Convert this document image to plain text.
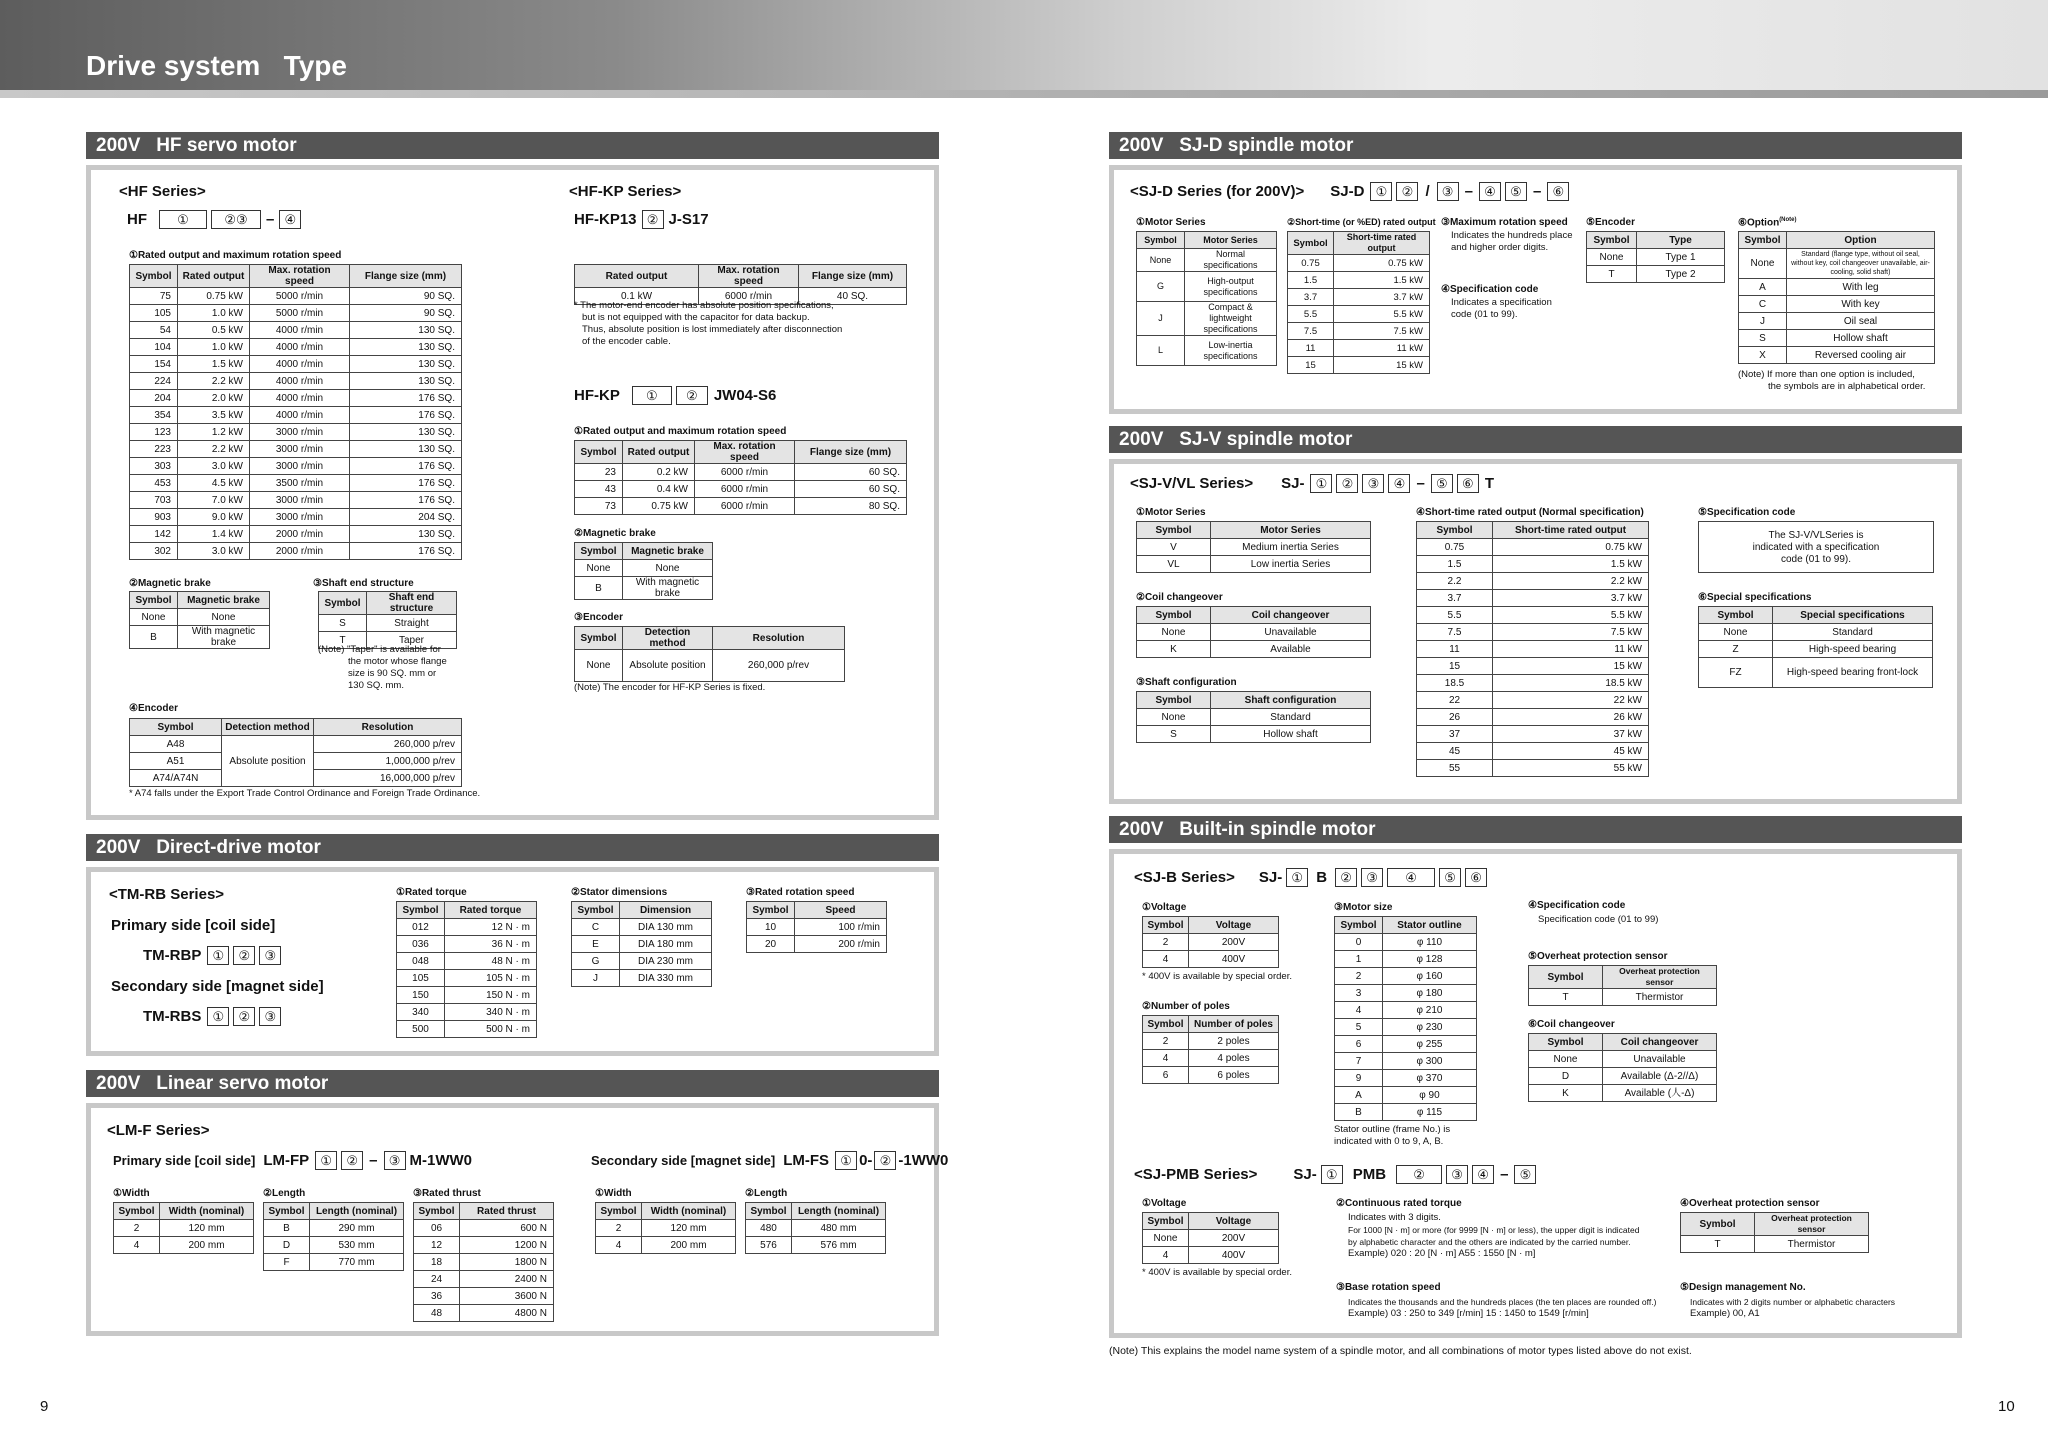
Drive system   Type
9	10
200V   HF servo motor
<HF Series>
HF	①	②③	– ④
①Rated output and maximum rotation speed
Symbol	Rated output	Max. rotation speed	Flange size (mm)
75	0.75 kW	5000 r/min	90 SQ.
105	1.0 kW	5000 r/min	90 SQ.
54	0.5 kW	4000 r/min	130 SQ.
104	1.0 kW	4000 r/min	130 SQ.
154	1.5 kW	4000 r/min	130 SQ.
224	2.2 kW	4000 r/min	130 SQ.
204	2.0 kW	4000 r/min	176 SQ.
354	3.5 kW	4000 r/min	176 SQ.
123	1.2 kW	3000 r/min	130 SQ.
223	2.2 kW	3000 r/min	130 SQ.
303	3.0 kW	3000 r/min	176 SQ.
453	4.5 kW	3500 r/min	176 SQ.
703	7.0 kW	3000 r/min	176 SQ.
903	9.0 kW	3000 r/min	204 SQ.
142	1.4 kW	2000 r/min	130 SQ.
302	3.0 kW	2000 r/min	176 SQ.
②Magnetic brake
Symbol	Magnetic brake
None	None
B	With magnetic brake
③Shaft end structure
Symbol	Shaft end structure
S	Straight
T	Taper
(Note) "Taper" is available for
the motor whose flange
size is 90 SQ. mm or
130 SQ. mm.
④Encoder
Symbol	Detection method	Resolution
A48	Absolute position	260,000 p/rev
A51		1,000,000 p/rev
A74/A74N		16,000,000 p/rev
* A74 falls under the Export Trade Control Ordinance and Foreign Trade Ordinance.
<HF-KP Series>
HF-KP13 ② J-S17
Rated output	Max. rotation speed	Flange size (mm)
0.1 kW	6000 r/min	40 SQ.
* The motor-end encoder has absolute position specifications,
but is not equipped with the capacitor for data backup.
Thus, absolute position is lost immediately after disconnection
of the encoder cable.
HF-KP	①	②	JW04-S6
①Rated output and maximum rotation speed
Symbol	Rated output	Max. rotation speed	Flange size (mm)
23	0.2 kW	6000 r/min	60 SQ.
43	0.4 kW	6000 r/min	60 SQ.
73	0.75 kW	6000 r/min	80 SQ.
②Magnetic brake
Symbol	Magnetic brake
None	None
B	With magnetic brake
③Encoder
Symbol	Detection method	Resolution
None	Absolute position	260,000 p/rev
(Note) The encoder for HF-KP Series is fixed.
200V   Direct-drive motor
<TM-RB Series>
Primary side [coil side]
TM-RBP ①	②	③
Secondary side [magnet side]
TM-RBS ①	②	③
①Rated torque
Symbol	Rated torque
012	12 N · m
036	36 N · m
048	48 N · m
105	105 N · m
150	150 N · m
340	340 N · m
500	500 N · m
②Stator dimensions
Symbol	Dimension
C	DIA 130 mm
E	DIA 180 mm
G	DIA 230 mm
J	DIA 330 mm
③Rated rotation speed
Symbol	Speed
10	100 r/min
20	200 r/min
200V   Linear servo motor
<LM-F Series>
Primary side [coil side] LM-FP ①	② – ③ M-1WW0	Secondary side [magnet side] LM-FS ① 0- ② -1WW0
①Width
Symbol	Width (nominal)
2	120 mm
4	200 mm
②Length
Symbol	Length (nominal)
B	290 mm
D	530 mm
F	770 mm
③Rated thrust
Symbol	Rated thrust
06	600 N
12	1200 N
18	1800 N
24	2400 N
36	3600 N
48	4800 N
①Width
Symbol	Width (nominal)
2	120 mm
4	200 mm
②Length
Symbol	Length (nominal)
480	480 mm
576	576 mm
200V   SJ-D spindle motor
<SJ-D Series (for 200V)> SJ-D ①	② / ③ – ④	⑤ – ⑥
①Motor Series
Symbol	Motor Series
None	Normal specifications
G	High-output specifications
J	Compact & lightweight specifications
L	Low-inertia specifications
②Short-time (or %ED) rated output
Symbol	Short-time rated output
0.75	0.75 kW
1.5	1.5 kW
3.7	3.7 kW
5.5	5.5 kW
7.5	7.5 kW
11	11 kW
15	15 kW
③Maximum rotation speed
Indicates the hundreds place
and higher order digits.
④Specification code
Indicates a specification
code (01 to 99).
⑤Encoder
Symbol	Type
None	Type 1
T	Type 2
⑥Option$^{(Note)}$
Symbol	Option
None	Standard (flange type, without oil seal, without key, coil changeover unavailable, air-cooling, solid shaft)
A	With leg
C	With key
J	Oil seal
S	Hollow shaft
X	Reversed cooling air
(Note) If more than one option is included,
the symbols are in alphabetical order.
200V   SJ-V spindle motor
<SJ-V/VL Series> SJ- ①	②	③	④ – ⑤	⑥ T
①Motor Series
Symbol	Motor Series
V	Medium inertia Series
VL	Low inertia Series
②Coil changeover
Symbol	Coil changeover
None	Unavailable
K	Available
③Shaft configuration
Symbol	Shaft configuration
None	Standard
S	Hollow shaft
④Short-time rated output (Normal specification)
Symbol	Short-time rated output
0.75	0.75 kW
1.5	1.5 kW
2.2	2.2 kW
3.7	3.7 kW
5.5	5.5 kW
7.5	7.5 kW
11	11 kW
15	15 kW
18.5	18.5 kW
22	22 kW
26	26 kW
37	37 kW
45	45 kW
55	55 kW
⑤Specification code
The SJ-V/VLSeries is
indicated with a specification
code (01 to 99).
⑥Special specifications
Symbol	Special specifications
None	Standard
Z	High-speed bearing
FZ	High-speed bearing front-lock
200V   Built-in spindle motor
<SJ-B Series> SJ- ① B	②	③	④	⑤	⑥
①Voltage
Symbol	Voltage
2	200V
4	400V
* 400V is available by special order.
②Number of poles
Symbol	Number of poles
2	2 poles
4	4 poles
6	6 poles
③Motor size
Symbol	Stator outline
0	φ 110
1	φ 128
2	φ 160
3	φ 180
4	φ 210
5	φ 230
6	φ 255
7	φ 300
9	φ 370
A	φ 90
B	φ 115
Stator outline (frame No.) is
indicated with 0 to 9, A, B.
④Specification code
Specification code (01 to 99)
⑤Overheat protection sensor
Symbol	Overheat protection sensor
T	Thermistor
⑥Coil changeover
Symbol	Coil changeover
None	Unavailable
D	Available (Δ-2//Δ)
K	Available (人-Δ)
<SJ-PMB Series> SJ- ①	PMB	②	③	④ – ⑤
①Voltage
Symbol	Voltage
None	200V
4	400V
* 400V is available by special order.
②Continuous rated torque
Indicates with 3 digits.
For 1000 [N · m] or more (for 9999 [N · m] or less), the upper digit is indicated
by alphabetic character and the others are indicated by the carried number.
Example) 020 : 20 [N · m] A55 : 1550 [N · m]
③Base rotation speed
Indicates the thousands and the hundreds places (the ten places are rounded off.)
Example) 03 : 250 to 349 [r/min] 15 : 1450 to 1549 [r/min]
④Overheat protection sensor
Symbol	Overheat protection sensor
T	Thermistor
⑤Design management No.
Indicates with 2 digits number or alphabetic characters
Example) 00, A1
(Note) This explains the model name system of a spindle motor, and all combinations of motor types listed above do not exist.
